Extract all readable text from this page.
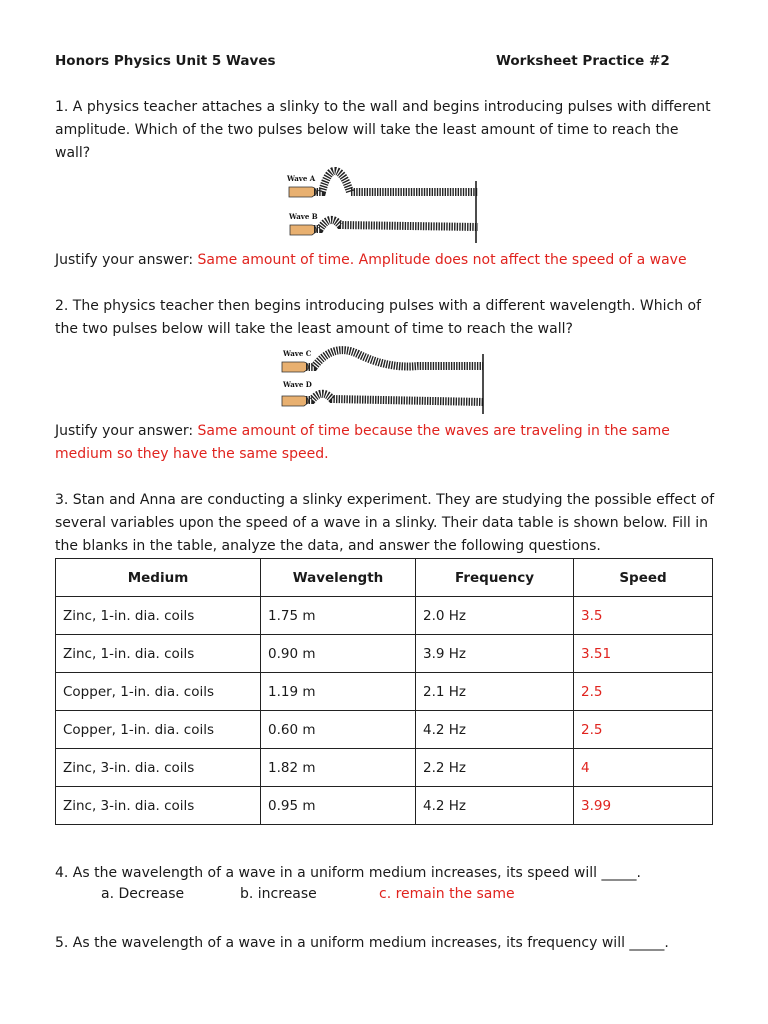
Honors Physics Unit 5 Waves	Worksheet Practice #2
1. A physics teacher attaches a slinky to the wall and begins introducing pulses with different amplitude. Which of the two pulses below will take the least amount of time to reach the wall?
Wave A
Wave B
Justify your answer: Same amount of time. Amplitude does not affect the speed of a wave
2. The physics teacher then begins introducing pulses with a different wavelength. Which of the two pulses below will take the least amount of time to reach the wall?
Wave C
Wave D
Justify your answer: Same amount of time because the waves are traveling in the same medium so they have the same speed.
3. Stan and Anna are conducting a slinky experiment. They are studying the possible effect of several variables upon the speed of a wave in a slinky. Their data table is shown below. Fill in the blanks in the table, analyze the data, and answer the following questions.
Medium	Wavelength	Frequency	Speed
Zinc, 1-in. dia. coils	1.75 m	2.0 Hz	3.5
Zinc, 1-in. dia. coils	0.90 m	3.9 Hz	3.51
Copper, 1-in. dia. coils	1.19 m	2.1 Hz	2.5
Copper, 1-in. dia. coils	0.60 m	4.2 Hz	2.5
Zinc, 3-in. dia. coils	1.82 m	2.2 Hz	4
Zinc, 3-in. dia. coils	0.95 m	4.2 Hz	3.99
4. As the wavelength of a wave in a uniform medium increases, its speed will _____.
a. Decrease	b. increase	c. remain the same
5. As the wavelength of a wave in a uniform medium increases, its frequency will _____.
